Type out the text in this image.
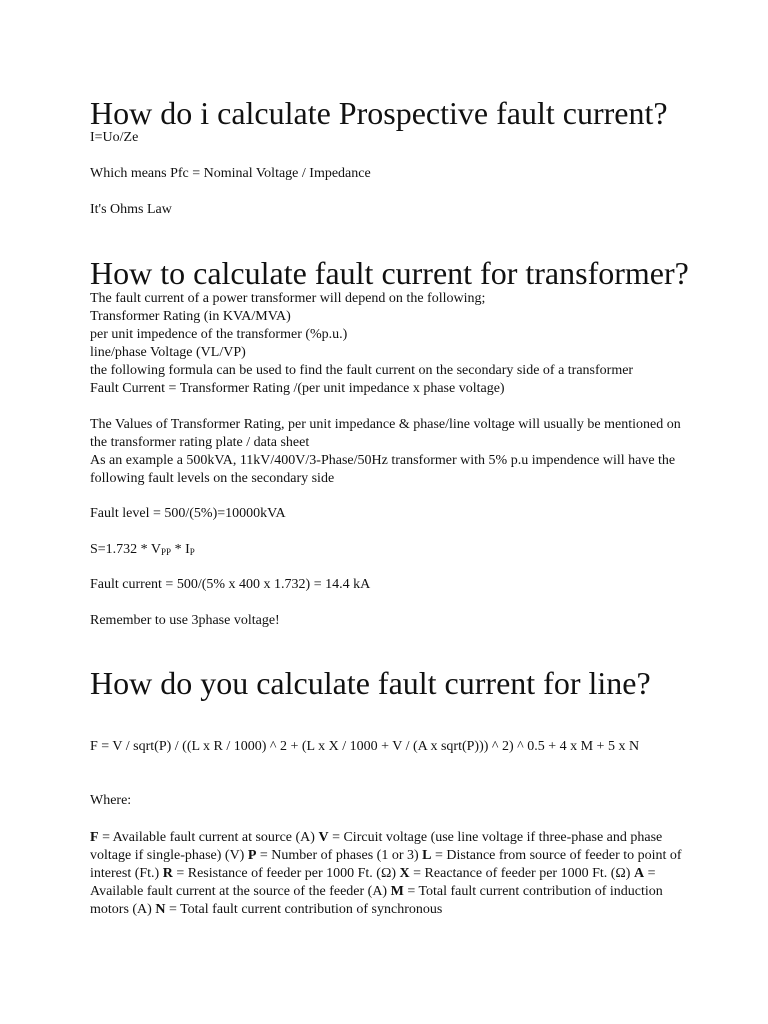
How do i calculate Prospective fault current?

I=Uo/Ze

Which means Pfc = Nominal Voltage / Impedance

It's Ohms Law

How to calculate fault current for transformer?

The fault current of a power transformer will depend on the following;
Transformer Rating (in KVA/MVA)
per unit impedence of the transformer (%p.u.)
line/phase Voltage (VL/VP)
the following formula can be used to find the fault current on the secondary side of a transformer
Fault Current = Transformer Rating /(per unit impedance x phase voltage)

The Values of Transformer Rating, per unit impedance & phase/line voltage will usually be mentioned on the transformer rating plate / data sheet
As an example a 500kVA, 11kV/400V/3-Phase/50Hz transformer with 5% p.u impendence will have the following fault levels on the secondary side

Fault level = 500/(5%)=10000kVA

$S=1.732 * V_{PP} * I_P$

Fault current = 500/(5% x 400 x 1.732) = 14.4 kA

Remember to use 3phase voltage!

How do you calculate fault current for line?

F = V / sqrt(P) / ((L x R / 1000) ^ 2 + (L x X / 1000 + V / (A x sqrt(P))) ^ 2) ^ 0.5 + 4 x M + 5 x N

Where:

F = Available fault current at source (A) V = Circuit voltage (use line voltage if three-phase and phase voltage if single-phase) (V) P = Number of phases (1 or 3) L = Distance from source of feeder to point of interest (Ft.) R = Resistance of feeder per 1000 Ft. (Ω) X = Reactance of feeder per 1000 Ft. (Ω) A = Available fault current at the source of the feeder (A) M = Total fault current contribution of induction motors (A) N = Total fault current contribution of synchronous
